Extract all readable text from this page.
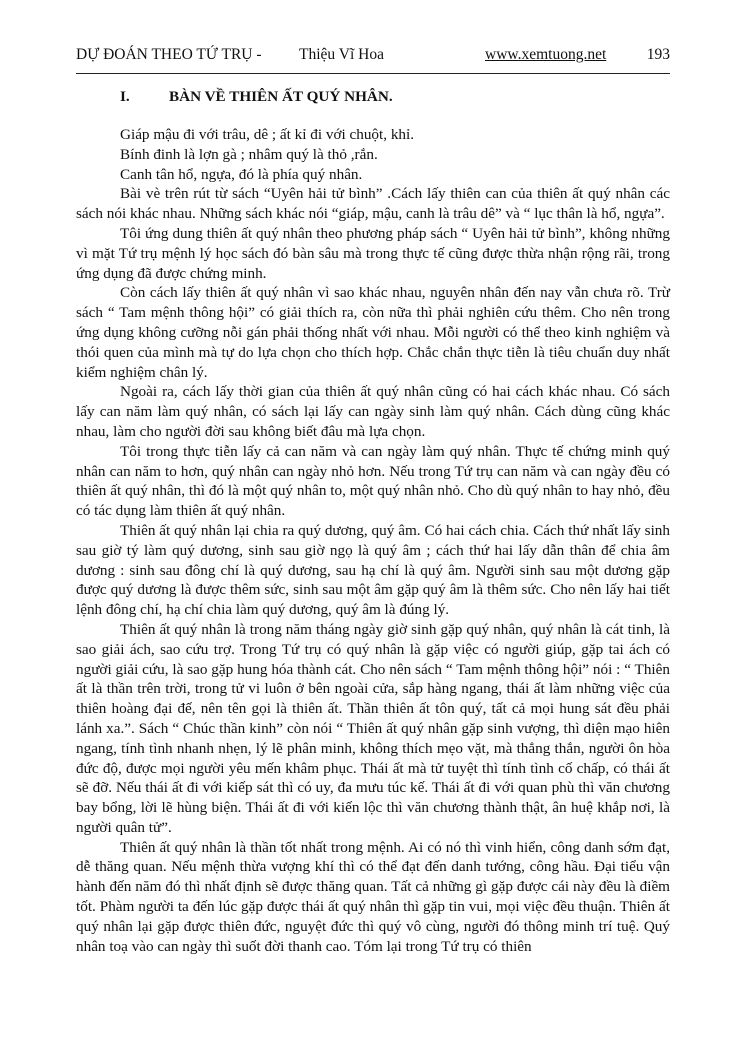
DỰ ĐOÁN THEO TỨ TRỤ - Thiệu Vĩ Hoa	www.xemtuong.net	193
I.	BÀN VỀ THIÊN ẤT QUÝ NHÂN.

Giáp mậu đi với trâu, dê ; ất kỉ đi với chuột, khỉ.

Bính đinh là lợn gà ; nhâm quý là thỏ ,rắn.

Canh tân hổ, ngựa, đó là phía quý nhân.

Bài vè trên rút từ sách “Uyên hải tử bình” .Cách lấy thiên can của thiên ất quý nhân các sách nói khác nhau. Những sách khác nói “giáp, mậu, canh là trâu dê” và “ lục thân là hổ, ngựa”.

Tôi ứng dung thiên ất quý nhân theo phương pháp sách “ Uyên hải tử bình”, không những vì mặt Tứ trụ mệnh lý học sách đó bàn sâu mà trong thực tế cũng được thừa nhận rộng rãi, trong ứng dụng đã được chứng minh.

Còn cách lấy thiên ất quý nhân vì sao khác nhau, nguyên nhân đến nay vẫn chưa rõ. Trừ sách “ Tam mệnh thông hội” có giải thích ra, còn nữa thì phải nghiên cứu thêm. Cho nên trong ứng dụng không cưỡng nỗi gán phải thống nhất với nhau. Mỗi người có thể theo kinh nghiệm và thói quen của mình mà tự do lựa chọn cho thích hợp. Chắc chắn thực tiễn là tiêu chuẩn duy nhất kiểm nghiệm chân lý.

Ngoài ra, cách lấy thời gian của thiên ất quý nhân cũng có hai cách khác nhau. Có sách lấy can năm làm quý nhân, có sách lại lấy can ngày sinh làm quý nhân. Cách dùng cũng khác nhau, làm cho người đời sau không biết đâu mà lựa chọn.

Tôi trong thực tiễn lấy cả can năm và can ngày làm quý nhân. Thực tế chứng minh quý nhân can năm to hơn, quý nhân can ngày nhỏ hơn. Nếu trong Tứ trụ can năm và can ngày đều có thiên ất quý nhân, thì đó là một quý nhân to, một quý nhân nhỏ. Cho dù quý nhân to hay nhỏ, đều có tác dụng làm thiên ất quý nhân.

Thiên ất quý nhân lại chia ra quý dương, quý âm. Có hai cách chia. Cách thứ nhất lấy sinh sau giờ tý làm quý dương, sinh sau giờ ngọ là quý âm ; cách thứ hai lấy dẫn thân để chia âm dương : sinh sau đông chí là quý dương, sau hạ chí là quý âm. Người sinh sau một dương gặp được quý dương là được thêm sức, sinh sau một âm gặp quý âm là thêm sức. Cho nên lấy hai tiết lệnh đông chí, hạ chí chia làm quý dương, quý âm là đúng lý.

Thiên ất quý nhân là trong năm tháng ngày giờ sinh gặp quý nhân, quý nhân là cát tinh, là sao giải ách, sao cứu trợ. Trong Tứ trụ có quý nhân là gặp việc có người giúp, gặp tai ách có người giải cứu, là sao gặp hung hóa thành cát. Cho nên sách “ Tam mệnh thông hội” nói : “ Thiên ất là thần trên trời, trong tử vi luôn ở bên ngoài cửa, sắp hàng ngang, thái ất làm những việc của thiên hoàng đại đế, nên tên gọi là thiên ất. Thần thiên ất tôn quý, tất cả mọi hung sát đều phải lánh xa.”. Sách “ Chúc thần kinh” còn nói “ Thiên ất quý nhân gặp sinh vượng, thì diện mạo hiên ngang, tính tình nhanh nhẹn, lý lẽ phân minh, không thích mẹo vặt, mà thẳng thắn, người ôn hòa đức độ, được mọi người yêu mến khâm phục. Thái ất mà tử tuyệt thì tính tình cố chấp, có thái ất sẽ đỡ. Nếu thái ất đi với kiếp sát thì có uy, đa mưu túc kế. Thái ất đi với quan phù thì văn chương bay bổng, lời lẽ hùng biện. Thái ất đi với kiến lộc thì văn chương thành thật, ân huệ khắp nơi, là người quân tử”.

Thiên ất quý nhân là thần tốt nhất trong mệnh. Ai có nó thì vinh hiển, công danh sớm đạt, dễ thăng quan. Nếu mệnh thừa vượng khí thì có thể đạt đến danh tướng, công hầu. Đại tiểu vận hành đến năm đó thì nhất định sẽ được thăng quan. Tất cả những gì gặp được cái này đều là điềm tốt. Phàm người ta đến lúc gặp được thái ất quý nhân thì gặp tin vui, mọi việc đều thuận. Thiên ất quý nhân lại gặp được thiên đức, nguyệt đức thì quý vô cùng, người đó thông minh trí tuệ. Quý nhân toạ vào can ngày thì suốt đời thanh cao. Tóm lại trong Tứ trụ có thiên
